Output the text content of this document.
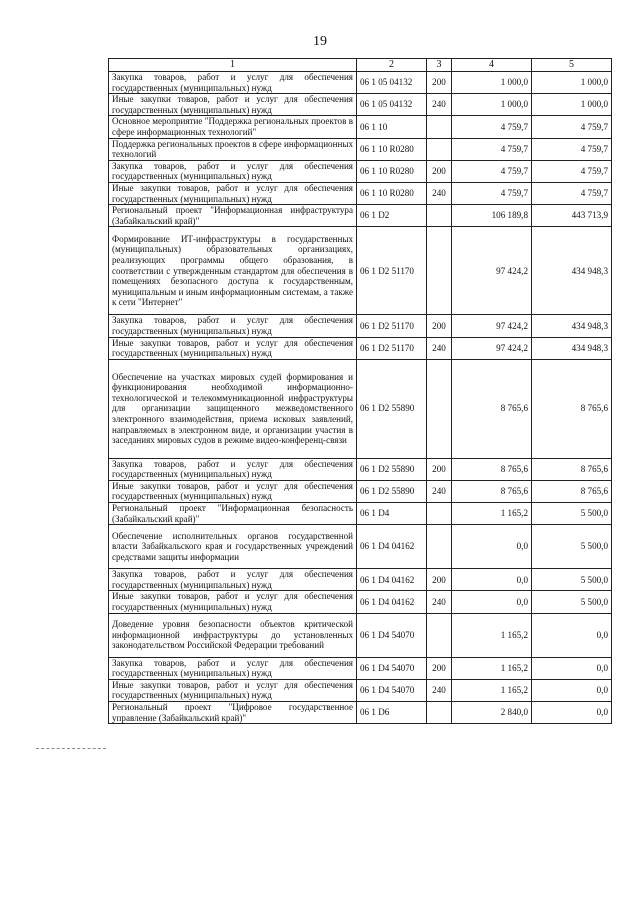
19
1	2	3	4	5
Закупка товаров, работ и услуг для обеспечения государственных (муниципальных) нужд	06 1 05 04132	200	1 000,0	1 000,0
Иные закупки товаров, работ и услуг для обеспечения государственных (муниципальных) нужд	06 1 05 04132	240	1 000,0	1 000,0
Основное мероприятие "Поддержка региональных проектов в сфере информационных технологий"	06 1 10		4 759,7	4 759,7
Поддержка региональных проектов в сфере информационных технологий	06 1 10 R0280		4 759,7	4 759,7
Закупка товаров, работ и услуг для обеспечения государственных (муниципальных) нужд	06 1 10 R0280	200	4 759,7	4 759,7
Иные закупки товаров, работ и услуг для обеспечения государственных (муниципальных) нужд	06 1 10 R0280	240	4 759,7	4 759,7
Региональный проект "Информационная инфраструктура (Забайкальский край)"	06 1 D2		106 189,8	443 713,9
Формирование ИТ-инфраструктуры в государственных (муниципальных) образовательных организациях, реализующих программы общего образования, в соответствии с утвержденным стандартом для обеспечения в помещениях безопасного доступа к государственным, муниципальным и иным информационным системам, а также к сети "Интернет"	06 1 D2 51170		97 424,2	434 948,3
Закупка товаров, работ и услуг для обеспечения государственных (муниципальных) нужд	06 1 D2 51170	200	97 424,2	434 948,3
Иные закупки товаров, работ и услуг для обеспечения государственных (муниципальных) нужд	06 1 D2 51170	240	97 424,2	434 948,3
Обеспечение на участках мировых судей формирования и функционирования необходимой информационно-технологической и телекоммуникационной инфраструктуры для организации защищенного межведомственного электронного взаимодействия, приема исковых заявлений, направляемых в электронном виде, и организации участия в заседаниях мировых судов в режиме видео-конференц-связи	06 1 D2 55890		8 765,6	8 765,6
Закупка товаров, работ и услуг для обеспечения государственных (муниципальных) нужд	06 1 D2 55890	200	8 765,6	8 765,6
Иные закупки товаров, работ и услуг для обеспечения государственных (муниципальных) нужд	06 1 D2 55890	240	8 765,6	8 765,6
Региональный проект "Информационная безопасность (Забайкальский край)"	06 1 D4		1 165,2	5 500,0
Обеспечение исполнительных органов государственной власти Забайкальского края и государственных учреждений средствами защиты информации	06 1 D4 04162		0,0	5 500,0
Закупка товаров, работ и услуг для обеспечения государственных (муниципальных) нужд	06 1 D4 04162	200	0,0	5 500,0
Иные закупки товаров, работ и услуг для обеспечения государственных (муниципальных) нужд	06 1 D4 04162	240	0,0	5 500,0
Доведение уровня безопасности объектов критической информационной инфраструктуры до установленных законодательством Российской Федерации требований	06 1 D4 54070		1 165,2	0,0
Закупка товаров, работ и услуг для обеспечения государственных (муниципальных) нужд	06 1 D4 54070	200	1 165,2	0,0
Иные закупки товаров, работ и услуг для обеспечения государственных (муниципальных) нужд	06 1 D4 54070	240	1 165,2	0,0
Региональный проект "Цифровое государственное управление (Забайкальский край)"	06 1 D6		2 840,0	0,0
